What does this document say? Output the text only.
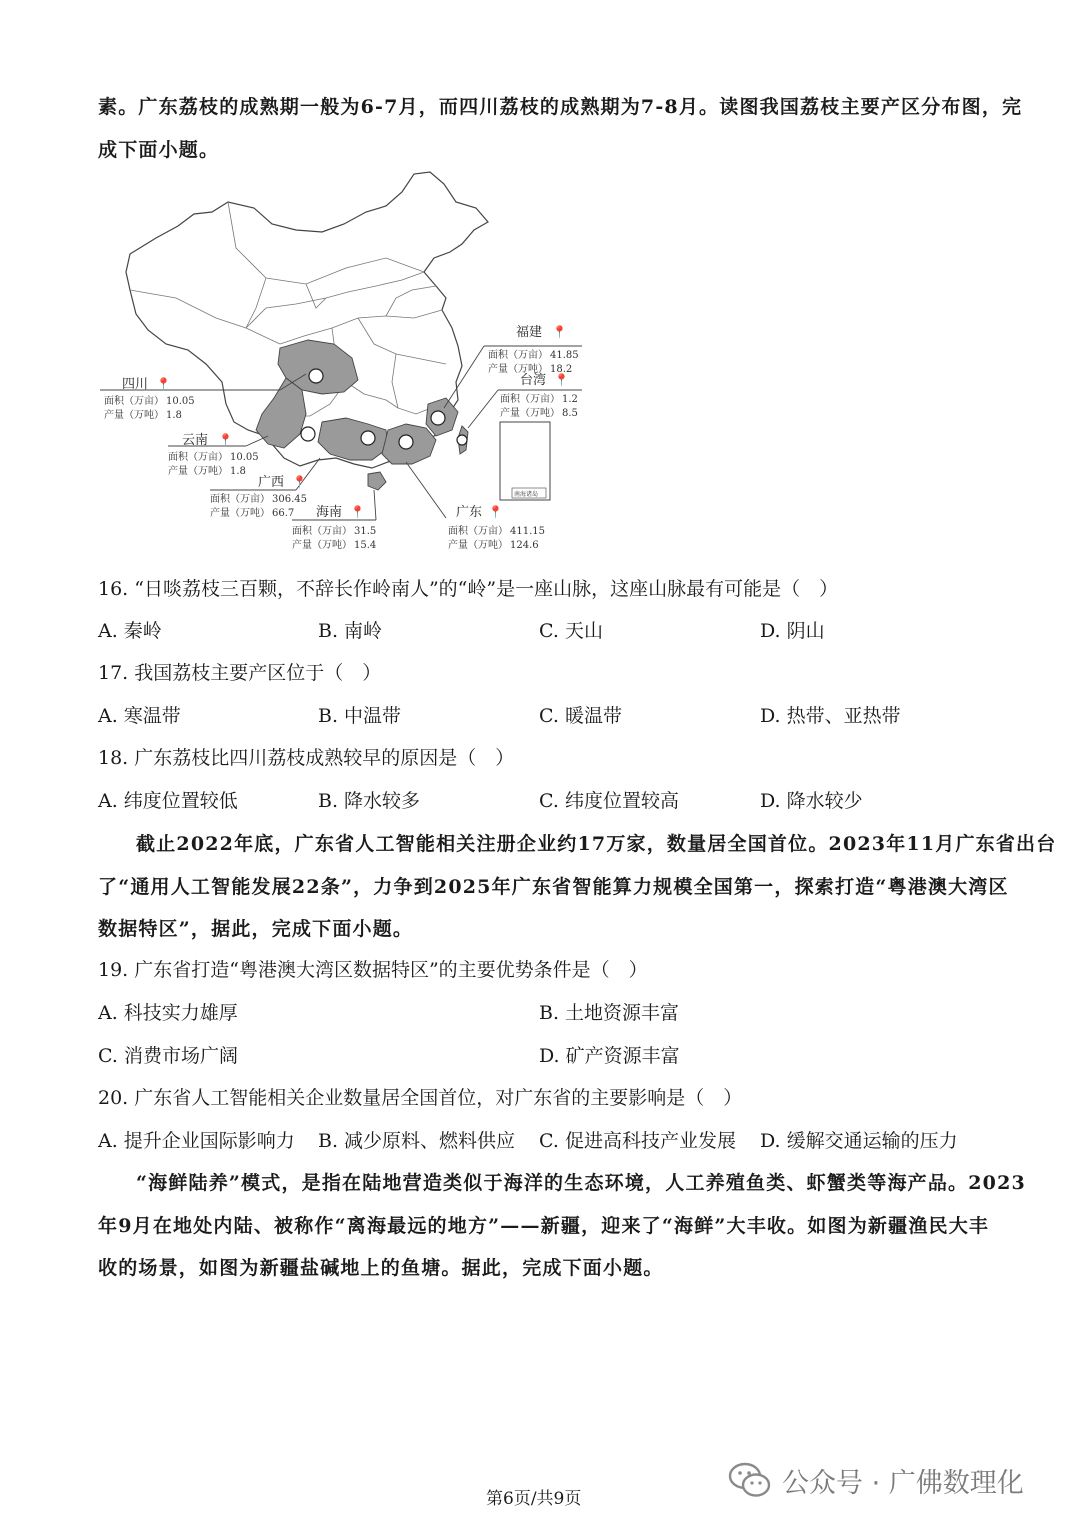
素。广东荔枝的成熟期一般为6-7月，而四川荔枝的成熟期为7-8月。读图我国荔枝主要产区分布图，完
成下面小题。
南海诸岛
四川 📍
面积（万亩） 10.05
产量（万吨） 1.8
云南 📍
面积（万亩） 10.05
产量（万吨） 1.8
广西 📍
面积（万亩） 306.45
产量（万吨） 66.7 海南 📍
面积（万亩） 31.5
产量（万吨） 15.4
广东 📍
面积（万亩） 411.15
产量（万吨） 124.6
福建 📍
面积（万亩） 41.85
产量（万吨） 18.2
台湾 📍
面积（万亩） 1.2
产量（万吨） 8.5
16. “日啖荔枝三百颗，不辞长作岭南人”的“岭”是一座山脉，这座山脉最有可能是（　）
A. 秦岭	B. 南岭	C. 天山	D. 阴山
17. 我国荔枝主要产区位于（　）
A. 寒温带	B. 中温带	C. 暖温带	D. 热带、亚热带
18. 广东荔枝比四川荔枝成熟较早的原因是（　）
A. 纬度位置较低	B. 降水较多	C. 纬度位置较高	D. 降水较少
截止2022年底，广东省人工智能相关注册企业约17万家，数量居全国首位。2023年11月广东省出台
了“通用人工智能发展22条”，力争到2025年广东省智能算力规模全国第一，探索打造“粤港澳大湾区
数据特区”，据此，完成下面小题。
19. 广东省打造“粤港澳大湾区数据特区”的主要优势条件是（　）
A. 科技实力雄厚	B. 土地资源丰富
C. 消费市场广阔	D. 矿产资源丰富
20. 广东省人工智能相关企业数量居全国首位，对广东省的主要影响是（　）
A. 提升企业国际影响力 B. 减少原料、燃料供应 C. 促进高科技产业发展 D. 缓解交通运输的压力
“海鲜陆养”模式，是指在陆地营造类似于海洋的生态环境，人工养殖鱼类、虾蟹类等海产品。2023
年9月在地处内陆、被称作“离海最远的地方”——新疆，迎来了“海鲜”大丰收。如图为新疆渔民大丰
收的场景，如图为新疆盐碱地上的鱼塘。据此，完成下面小题。
第6页/共9页
公众号 · 广佛数理化
